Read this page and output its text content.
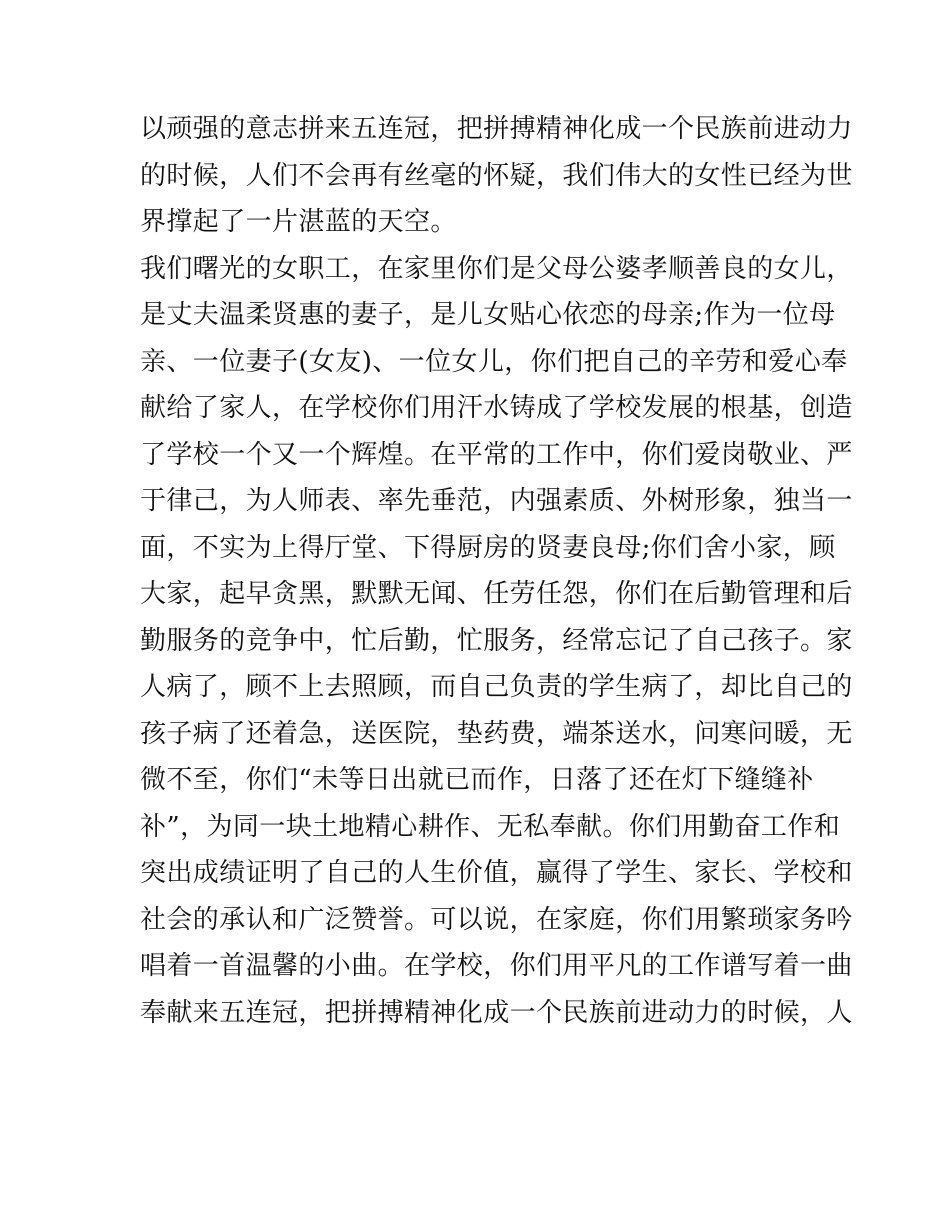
以顽强的意志拼来五连冠，把拼搏精神化成一个民族前进动力
的时候，人们不会再有丝毫的怀疑，我们伟大的女性已经为世
界撑起了一片湛蓝的天空。
我们曙光的女职工，在家里你们是父母公婆孝顺善良的女儿，
是丈夫温柔贤惠的妻子，是儿女贴心依恋的母亲;作为一位母
亲、一位妻子(女友)、一位女儿，你们把自己的辛劳和爱心奉
献给了家人，在学校你们用汗水铸成了学校发展的根基，创造
了学校一个又一个辉煌。在平常的工作中，你们爱岗敬业、严
于律己，为人师表、率先垂范，内强素质、外树形象，独当一
面，不实为上得厅堂、下得厨房的贤妻良母;你们舍小家，顾
大家，起早贪黑，默默无闻、任劳任怨，你们在后勤管理和后
勤服务的竞争中，忙后勤，忙服务，经常忘记了自己孩子。家
人病了，顾不上去照顾，而自己负责的学生病了，却比自己的
孩子病了还着急，送医院，垫药费，端茶送水，问寒问暖，无
微不至，你们“未等日出就已而作，日落了还在灯下缝缝补
补”，为同一块土地精心耕作、无私奉献。你们用勤奋工作和
突出成绩证明了自己的人生价值，赢得了学生、家长、学校和
社会的承认和广泛赞誉。可以说，在家庭，你们用繁琐家务吟
唱着一首温馨的小曲。在学校，你们用平凡的工作谱写着一曲
奉献来五连冠，把拼搏精神化成一个民族前进动力的时候，人
